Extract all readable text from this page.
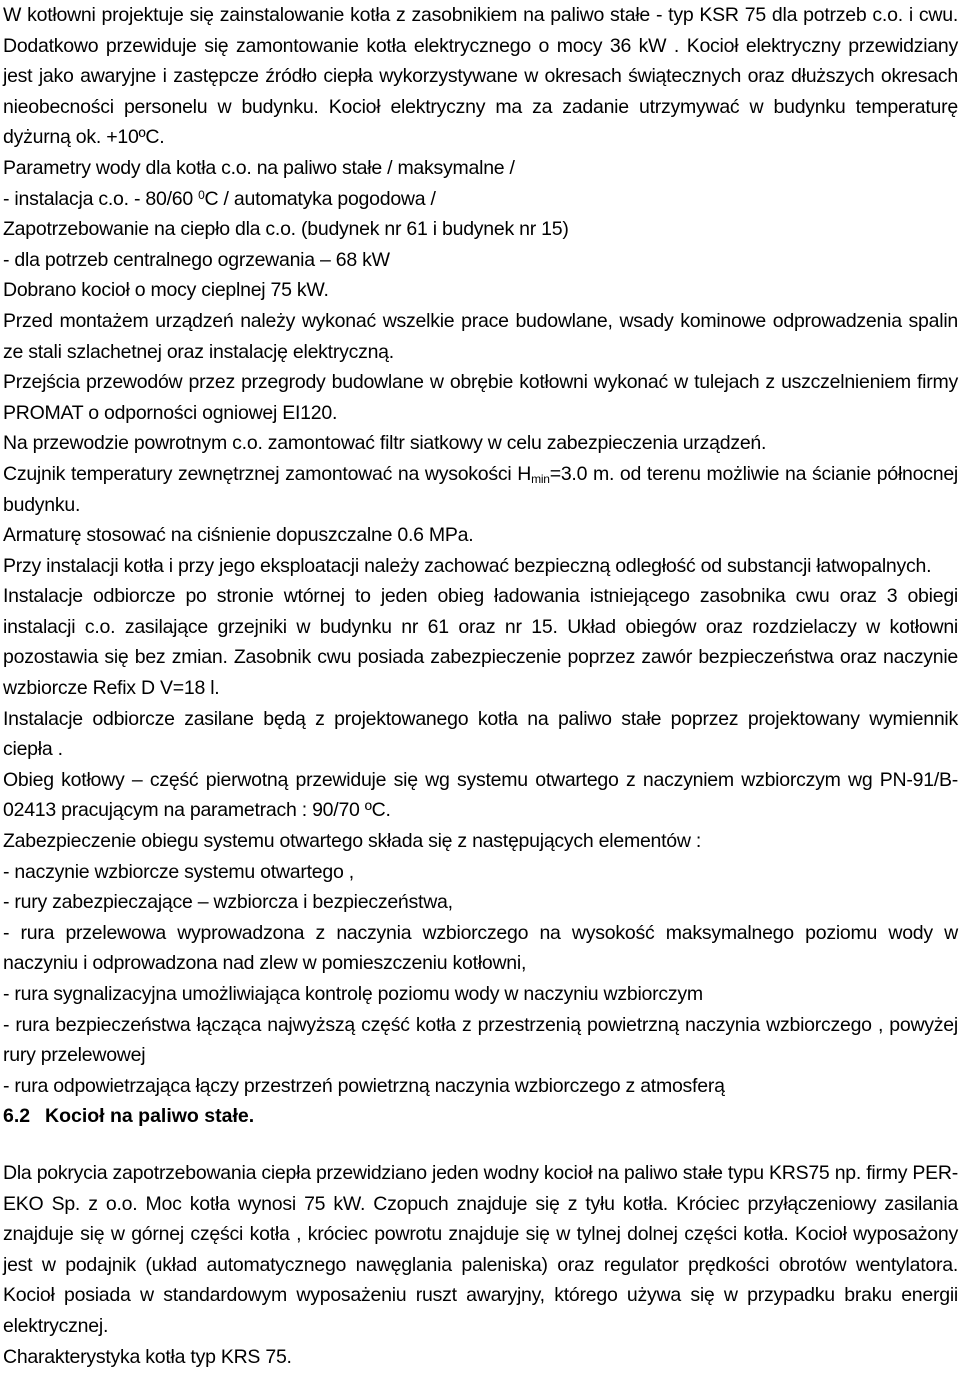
W kotłowni projektuje się zainstalowanie kotła z zasobnikiem na paliwo stałe - typ KSR 75 dla potrzeb c.o. i cwu. Dodatkowo przewiduje się zamontowanie kotła elektrycznego o mocy 36 kW . Kocioł elektryczny przewidziany jest jako awaryjne i zastępcze źródło ciepła wykorzystywane w okresach świątecznych oraz dłuższych okresach nieobecności personelu w budynku. Kocioł elektryczny ma za zadanie utrzymywać w budynku temperaturę dyżurną ok. +10ºC.

Parametry wody dla kotła c.o. na paliwo stałe / maksymalne /

- instalacja c.o. - 80/60 $^0$C / automatyka pogodowa /

Zapotrzebowanie na ciepło dla c.o. (budynek nr 61 i budynek nr 15)

- dla potrzeb centralnego ogrzewania – 68 kW

Dobrano kocioł o mocy cieplnej 75 kW.

Przed montażem urządzeń należy wykonać wszelkie prace budowlane, wsady kominowe odprowadzenia spalin ze stali szlachetnej oraz instalację elektryczną.

Przejścia przewodów przez przegrody budowlane w obrębie kotłowni wykonać w tulejach z uszczelnieniem firmy PROMAT o odporności ogniowej EI120.

Na przewodzie powrotnym c.o. zamontować filtr siatkowy w celu zabezpieczenia urządzeń.

Czujnik temperatury zewnętrznej zamontować na wysokości $H_{min}=3.0$ m. od terenu możliwie na ścianie północnej budynku.

Armaturę stosować na ciśnienie dopuszczalne 0.6 MPa.

Przy instalacji kotła i przy jego eksploatacji należy zachować bezpieczną odległość od substancji łatwopalnych.

Instalacje odbiorcze po stronie wtórnej to jeden obieg ładowania istniejącego zasobnika cwu oraz 3 obiegi instalacji c.o. zasilające grzejniki w budynku nr 61 oraz nr 15. Układ obiegów oraz rozdzielaczy w kotłowni pozostawia się bez zmian. Zasobnik cwu posiada zabezpieczenie poprzez zawór bezpieczeństwa oraz naczynie wzbiorcze Refix D V=18 l.

Instalacje odbiorcze zasilane będą z projektowanego kotła na paliwo stałe poprzez projektowany wymiennik ciepła .

Obieg kotłowy – część pierwotną przewiduje się wg systemu otwartego z naczyniem wzbiorczym wg PN-91/B-02413 pracującym na parametrach : 90/70 ºC.

Zabezpieczenie obiegu systemu otwartego składa się z następujących elementów :

- naczynie wzbiorcze systemu otwartego ,

- rury zabezpieczające – wzbiorcza i bezpieczeństwa,

- rura przelewowa wyprowadzona z naczynia wzbiorczego na wysokość maksymalnego poziomu wody w naczyniu i odprowadzona nad zlew w pomieszczeniu kotłowni,

- rura sygnalizacyjna umożliwiająca kontrolę poziomu wody w naczyniu wzbiorczym

- rura bezpieczeństwa łącząca najwyższą część kotła z przestrzenią powietrzną naczynia wzbiorczego , powyżej rury przelewowej

- rura odpowietrzająca łączy przestrzeń powietrzną naczynia wzbiorczego z atmosferą

6.2 Kocioł na paliwo stałe.

Dla pokrycia zapotrzebowania ciepła przewidziano jeden wodny kocioł na paliwo stałe typu KRS75 np. firmy PER-EKO Sp. z o.o. Moc kotła wynosi 75 kW. Czopuch znajduje się z tyłu kotła. Króciec przyłączeniowy zasilania znajduje się w górnej części kotła , króciec powrotu znajduje się w tylnej dolnej części kotła. Kocioł wyposażony jest w podajnik (układ automatycznego nawęglania paleniska) oraz regulator prędkości obrotów wentylatora. Kocioł posiada w standardowym wyposażeniu ruszt awaryjny, którego używa się w przypadku braku energii elektrycznej.

Charakterystyka kotła typ KRS 75.
